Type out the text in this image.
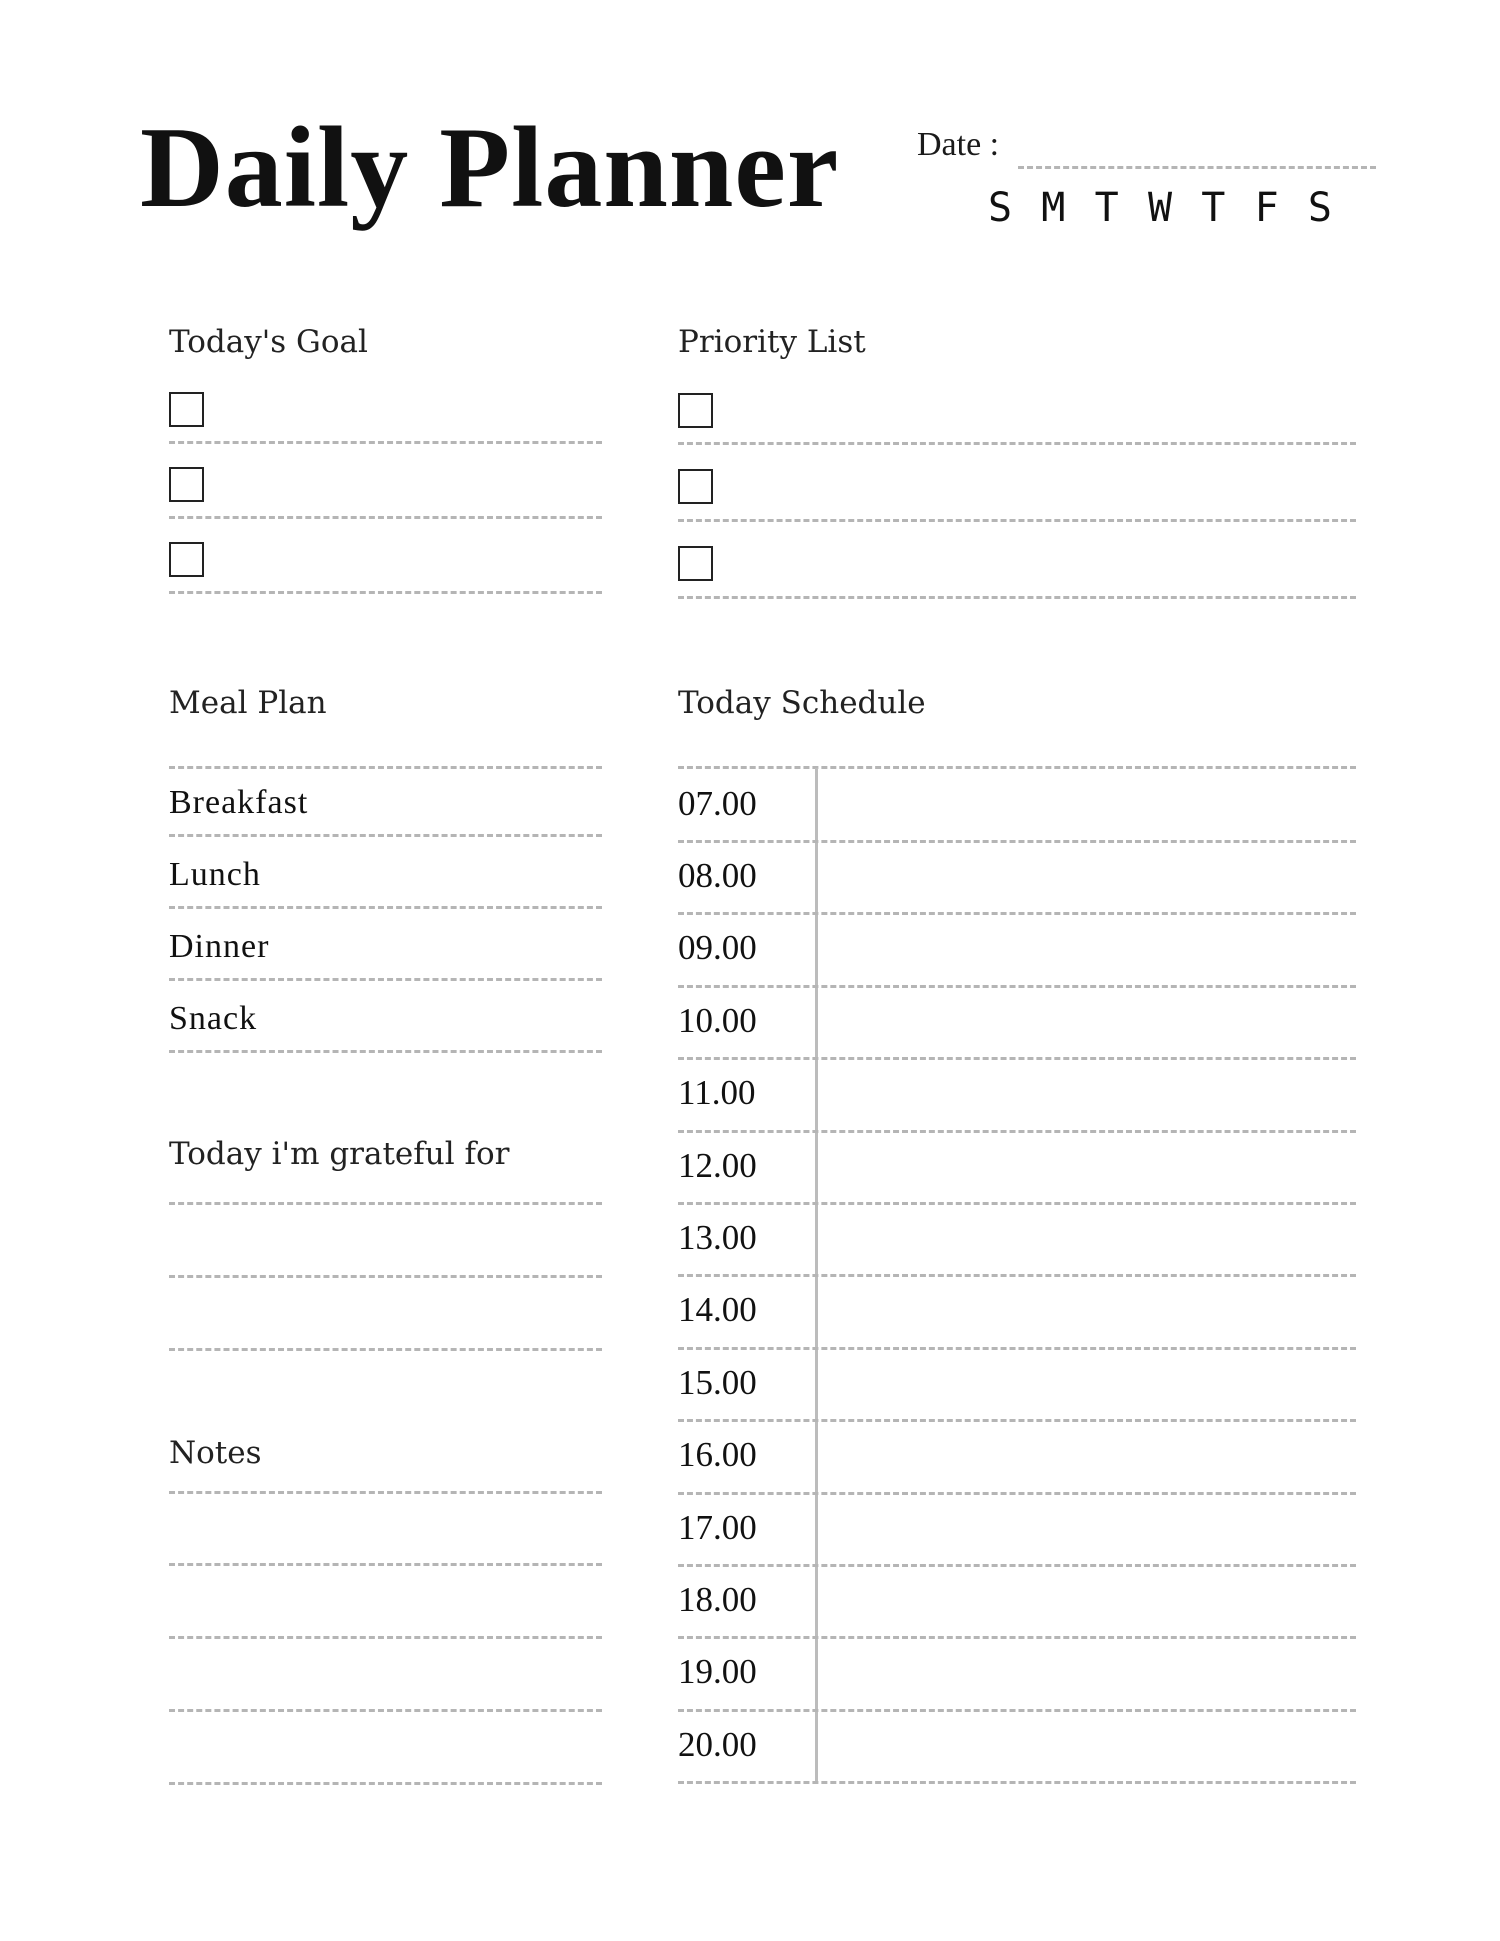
Daily Planner Date :
S M T W T F S
Today's Goal
Meal Plan
Breakfast
Lunch
Dinner
Snack
Today i'm grateful for
Notes
Priority List
Today Schedule
07.00
08.00
09.00
10.00
11.00
12.00
13.00
14.00
15.00
16.00
17.00
18.00
19.00
20.00
